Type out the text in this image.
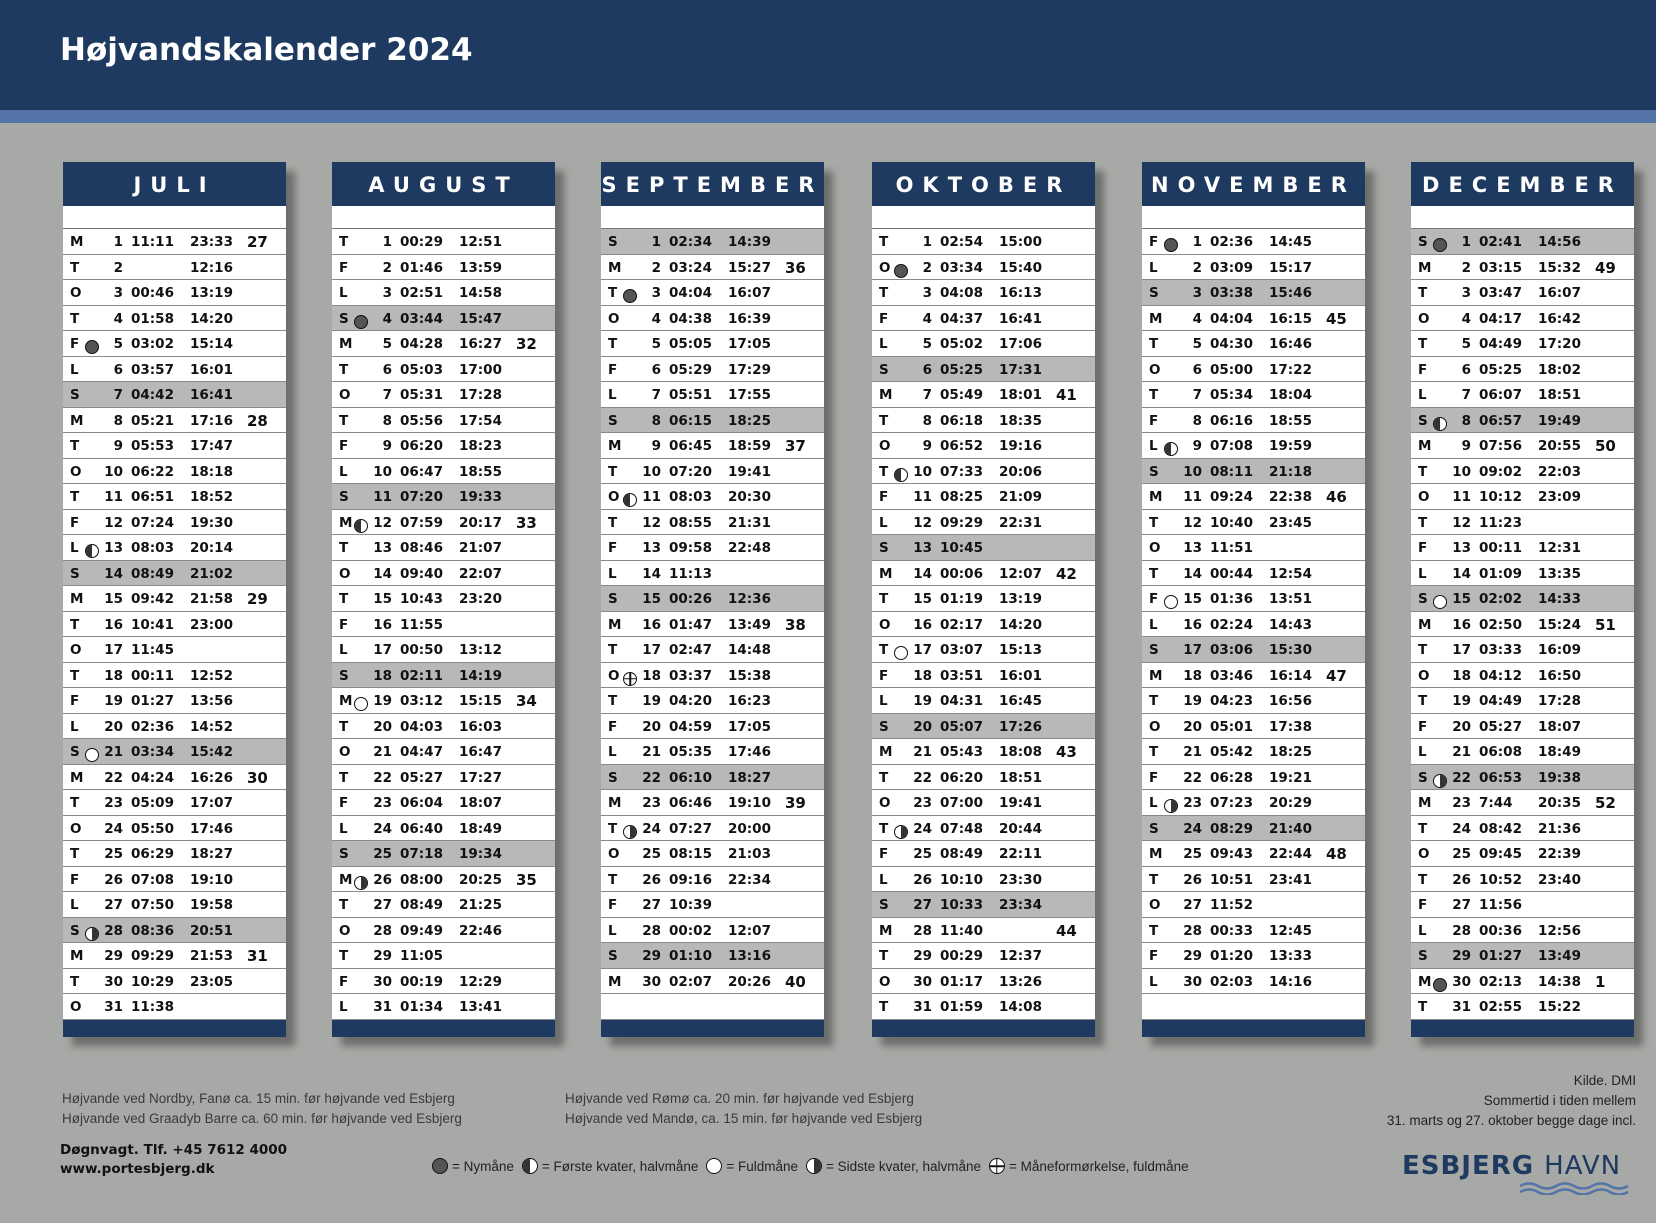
Højvandskalender 2024
JULI
M 1 11:11 23:33 27
T	2	12:16
O 3 00:46 13:19
T	4 01:58 14:20
F	5 03:02 15:14
L	6 03:57 16:01
S	7 04:42 16:41
M 8 05:21 17:16 28
T	9 05:53 17:47
O 10 06:22 18:18
T 11 06:51 18:52
F 12 07:24 19:30
L 13 08:03 20:14
S 14 08:49 21:02
M 15 09:42 21:58 29
T 16 10:41 23:00
O 17 11:45
T 18 00:11 12:52
F 19 01:27 13:56
L 20 02:36 14:52
S 21 03:34 15:42
M 22 04:24 16:26 30
T 23 05:09 17:07
O 24 05:50 17:46
T 25 06:29 18:27
F 26 07:08 19:10
L 27 07:50 19:58
S 28 08:36 20:51
M 29 09:29 21:53 31
T 30 10:29 23:05
O 31 11:38
AUGUST
T	1 00:29 12:51
F	2 01:46 13:59
L	3 02:51 14:58
S	4 03:44 15:47
M 5 04:28 16:27 32
T	6 05:03 17:00
O 7 05:31 17:28
T	8 05:56 17:54
F	9 06:20 18:23
L 10 06:47 18:55
S 11 07:20 19:33
M 12 07:59 20:17 33
T 13 08:46 21:07
O 14 09:40 22:07
T 15 10:43 23:20
F 16 11:55
L 17 00:50 13:12
S 18 02:11 14:19
M 19 03:12 15:15 34
T 20 04:03 16:03
O 21 04:47 16:47
T 22 05:27 17:27
F 23 06:04 18:07
L 24 06:40 18:49
S 25 07:18 19:34
M 26 08:00 20:25 35
T 27 08:49 21:25
O 28 09:49 22:46
T 29 11:05
F 30 00:19 12:29
L 31 01:34 13:41
SEPTEMBER
S	1 02:34 14:39
M 2 03:24 15:27 36
T	3 04:04 16:07
O 4 04:38 16:39
T	5 05:05 17:05
F	6 05:29 17:29
L	7 05:51 17:55
S	8 06:15 18:25
M 9 06:45 18:59 37
T 10 07:20 19:41
O 11 08:03 20:30
T 12 08:55 21:31
F 13 09:58 22:48
L 14 11:13
S 15 00:26 12:36
M 16 01:47 13:49 38
T 17 02:47 14:48
O 18 03:37 15:38
T 19 04:20 16:23
F 20 04:59 17:05
L 21 05:35 17:46
S 22 06:10 18:27
M 23 06:46 19:10 39
T 24 07:27 20:00
O 25 08:15 21:03
T 26 09:16 22:34
F 27 10:39
L 28 00:02 12:07
S 29 01:10 13:16
M 30 02:07 20:26 40
OKTOBER
T	1 02:54 15:00
O 2 03:34 15:40
T	3 04:08 16:13
F	4 04:37 16:41
L	5 05:02 17:06
S	6 05:25 17:31
M 7 05:49 18:01 41
T	8 06:18 18:35
O 9 06:52 19:16
T 10 07:33 20:06
F 11 08:25 21:09
L 12 09:29 22:31
S 13 10:45
M 14 00:06 12:07 42
T 15 01:19 13:19
O 16 02:17 14:20
T 17 03:07 15:13
F 18 03:51 16:01
L 19 04:31 16:45
S 20 05:07 17:26
M 21 05:43 18:08 43
T 22 06:20 18:51
O 23 07:00 19:41
T 24 07:48 20:44
F 25 08:49 22:11
L 26 10:10 23:30
S 27 10:33 23:34
M 28 11:40	44
T 29 00:29 12:37
O 30 01:17 13:26
T 31 01:59 14:08
NOVEMBER
F	1 02:36 14:45
L	2 03:09 15:17
S	3 03:38 15:46
M 4 04:04 16:15 45
T	5 04:30 16:46
O 6 05:00 17:22
T	7 05:34 18:04
F	8 06:16 18:55
L	9 07:08 19:59
S 10 08:11 21:18
M 11 09:24 22:38 46
T 12 10:40 23:45
O 13 11:51
T 14 00:44 12:54
F 15 01:36 13:51
L 16 02:24 14:43
S 17 03:06 15:30
M 18 03:46 16:14 47
T 19 04:23 16:56
O 20 05:01 17:38
T 21 05:42 18:25
F 22 06:28 19:21
L 23 07:23 20:29
S 24 08:29 21:40
M 25 09:43 22:44 48
T 26 10:51 23:41
O 27 11:52
T 28 00:33 12:45
F 29 01:20 13:33
L 30 02:03 14:16
DECEMBER
S	1 02:41 14:56
M 2 03:15 15:32 49
T	3 03:47 16:07
O 4 04:17 16:42
T	5 04:49 17:20
F	6 05:25 18:02
L	7 06:07 18:51
S	8 06:57 19:49
M 9 07:56 20:55 50
T 10 09:02 22:03
O 11 10:12 23:09
T 12 11:23
F 13 00:11 12:31
L 14 01:09 13:35
S 15 02:02 14:33
M 16 02:50 15:24 51
T 17 03:33 16:09
O 18 04:12 16:50
T 19 04:49 17:28
F 20 05:27 18:07
L 21 06:08 18:49
S 22 06:53 19:38
M 23 7:44 20:35 52
T 24 08:42 21:36
O 25 09:45 22:39
T 26 10:52 23:40
F 27 11:56
L 28 00:36 12:56
S 29 01:27 13:49
M 30 02:13 14:38 1
T 31 02:55 15:22
Højvande ved Nordby, Fanø ca. 15 min. før højvande ved Esbjerg
Højvande ved Graadyb Barre ca. 60 min. før højvande ved Esbjerg
Højvande ved Rømø ca. 20 min. før højvande ved Esbjerg
Højvande ved Mandø, ca. 15 min. før højvande ved Esbjerg
Kilde. DMI
Sommertid i tiden mellem
31. marts og 27. oktober begge dage incl.
Døgnvagt. Tlf. +45 7612 4000
www.portesbjerg.dk	= Nymåne = Første kvater, halvmåne = Fuldmåne = Sidste kvater, halvmåne = Måneformørkelse, fuldmåne	ESBJERG HAVN
